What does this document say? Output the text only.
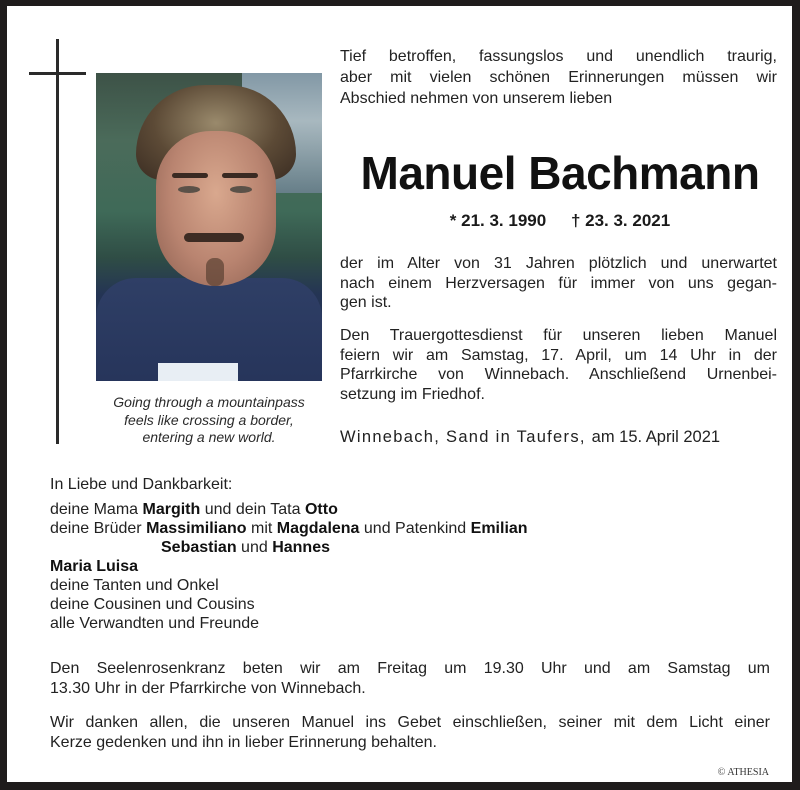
Going through a mountainpass
feels like crossing a border,
entering a new world.
Tief betroffen, fassungslos und unendlich traurig,
aber mit vielen schönen Erinnerungen müssen wir
Abschied nehmen von unserem lieben
Manuel Bachmann
* 21. 3. 1990 † 23. 3. 2021
der im Alter von 31 Jahren plötzlich und unerwartet
nach einem Herzversagen für immer von uns gegan-
gen ist.
Den Trauergottesdienst für unseren lieben Manuel
feiern wir am Samstag, 17. April, um 14 Uhr in der
Pfarrkirche von Winnebach. Anschließend Urnenbei-
setzung im Friedhof.
Winnebach, Sand in Taufers, am 15. April 2021
In Liebe und Dankbarkeit:
deine Mama Margith und dein Tata Otto
deine Brüder Massimiliano mit Magdalena und Patenkind Emilian
Sebastian und Hannes
Maria Luisa
deine Tanten und Onkel
deine Cousinen und Cousins
alle Verwandten und Freunde
Den Seelenrosenkranz beten wir am Freitag um 19.30 Uhr und am Samstag um
13.30 Uhr in der Pfarrkirche von Winnebach.
Wir danken allen, die unseren Manuel ins Gebet einschließen, seiner mit dem Licht einer
Kerze gedenken und ihn in lieber Erinnerung behalten.
© ATHESIA
